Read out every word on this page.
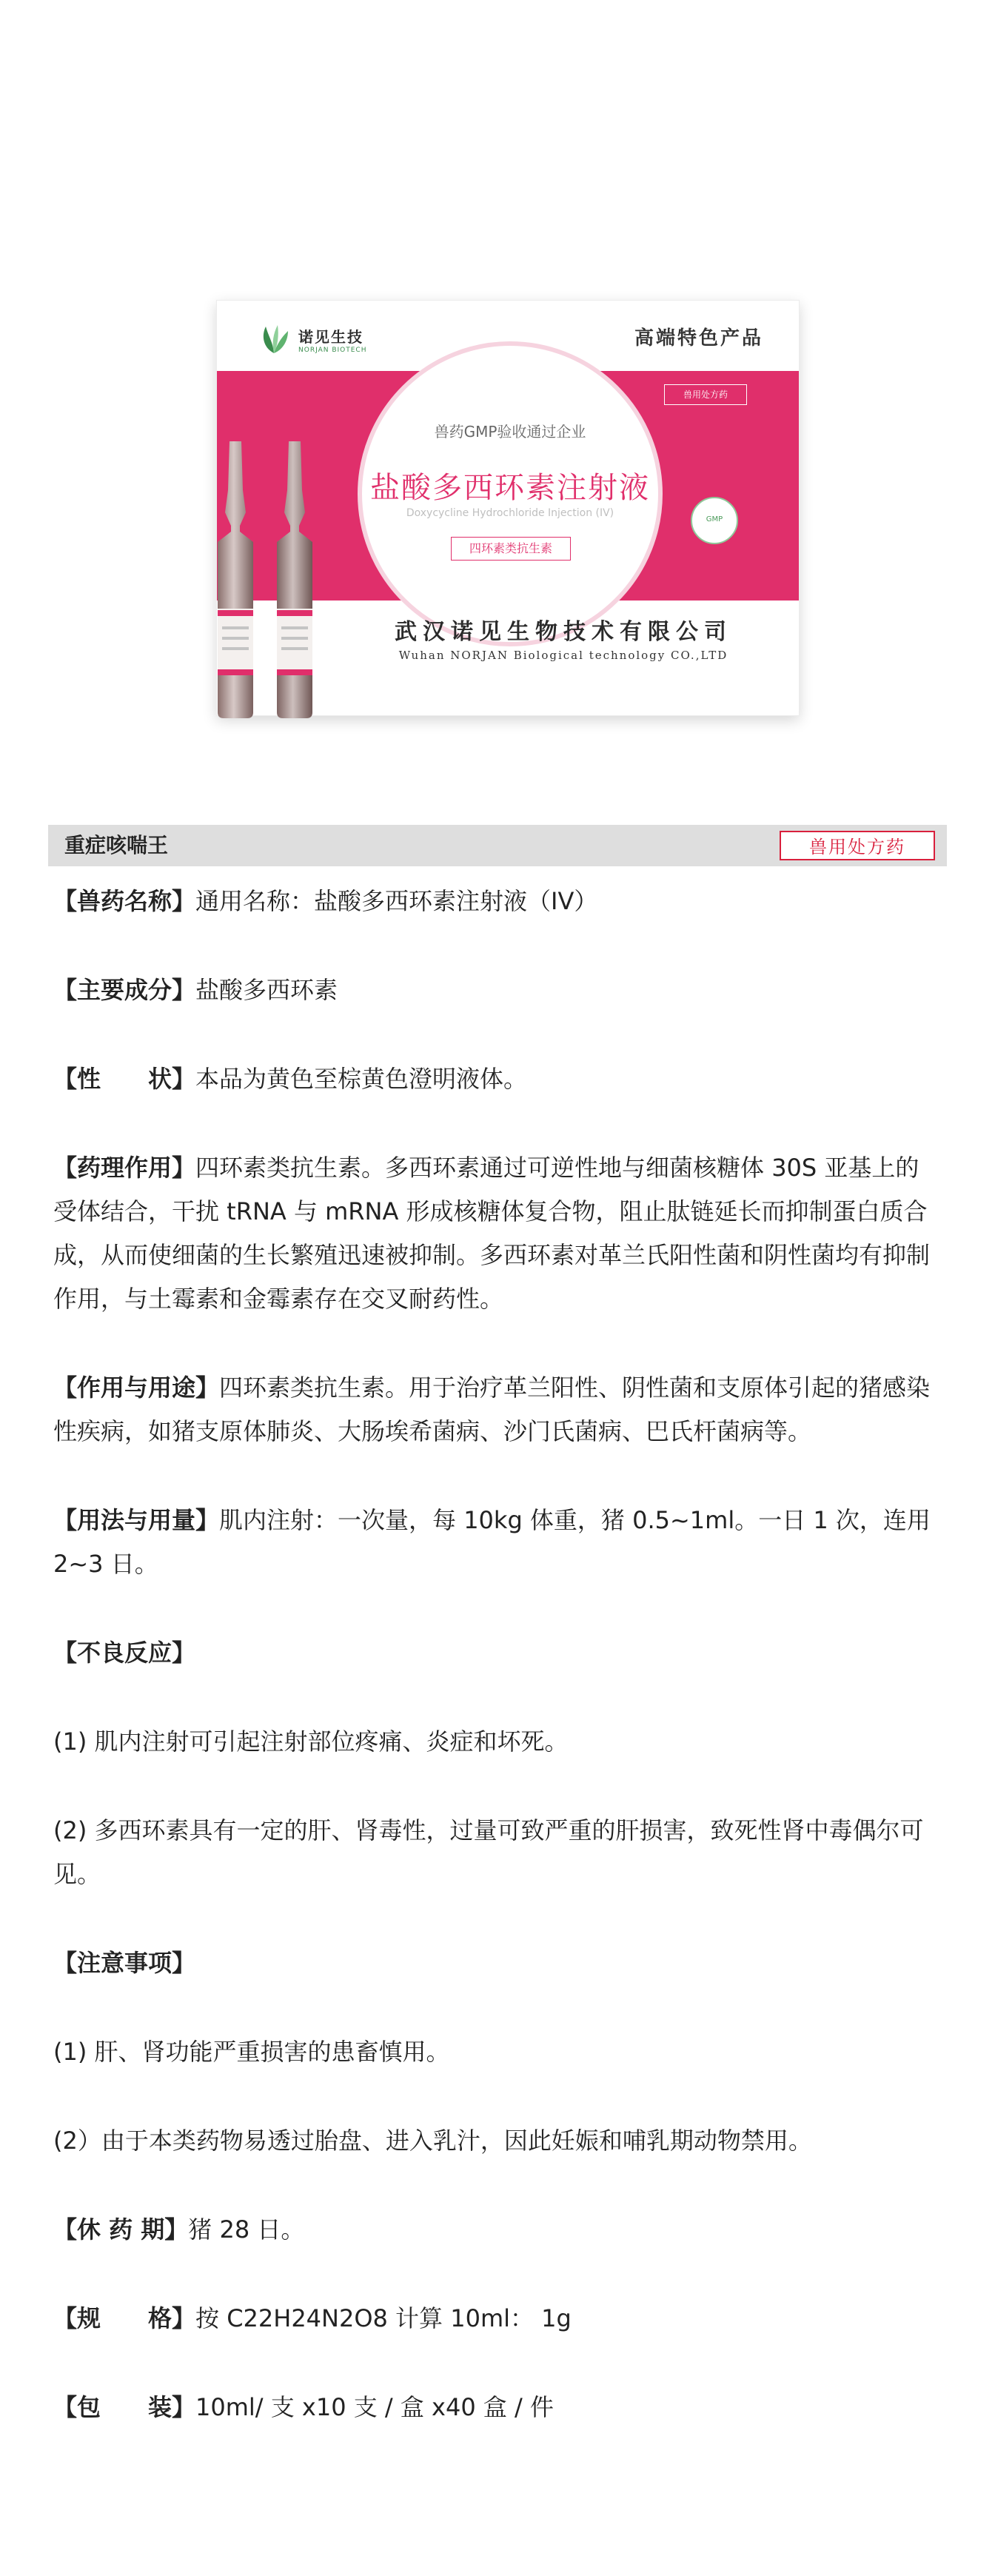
诺见生技
NORJAN BIOTECH
高端特色产品
兽用处方药
兽药GMP验收通过企业
盐酸多西环素注射液
Doxycycline Hydrochloride Injection (IV)
四环素类抗生素
GMP
武汉诺见生物技术有限公司
Wuhan NORJAN Biological technology CO.,LTD
重症咳喘王	兽用处方药

【兽药名称】通用名称：盐酸多西环素注射液（IV）

【主要成分】盐酸多西环素

【性　　状】本品为黄色至棕黄色澄明液体。

【药理作用】四环素类抗生素。多西环素通过可逆性地与细菌核糖体 30S 亚基上的受体结合，干扰 tRNA 与 mRNA 形成核糖体复合物，阻止肽链延长而抑制蛋白质合成，从而使细菌的生长繁殖迅速被抑制。多西环素对革兰氏阳性菌和阴性菌均有抑制作用，与土霉素和金霉素存在交叉耐药性。

【作用与用途】四环素类抗生素。用于治疗革兰阳性、阴性菌和支原体引起的猪感染性疾病，如猪支原体肺炎、大肠埃希菌病、沙门氏菌病、巴氏杆菌病等。

【用法与用量】肌内注射：一次量，每 10kg 体重，猪 0.5~1ml。一日 1 次，连用 2~3 日。

【不良反应】

(1) 肌内注射可引起注射部位疼痛、炎症和坏死。

(2) 多西环素具有一定的肝、肾毒性，过量可致严重的肝损害，致死性肾中毒偶尔可见。

【注意事项】

(1) 肝、肾功能严重损害的患畜慎用。

(2）由于本类药物易透过胎盘、进入乳汁，因此妊娠和哺乳期动物禁用。

【休 药 期】猪 28 日。

【规　　格】按 C22H24N2O8 计算 10ml： 1g

【包　　装】10ml/ 支 x10 支 / 盒 x40 盒 / 件
